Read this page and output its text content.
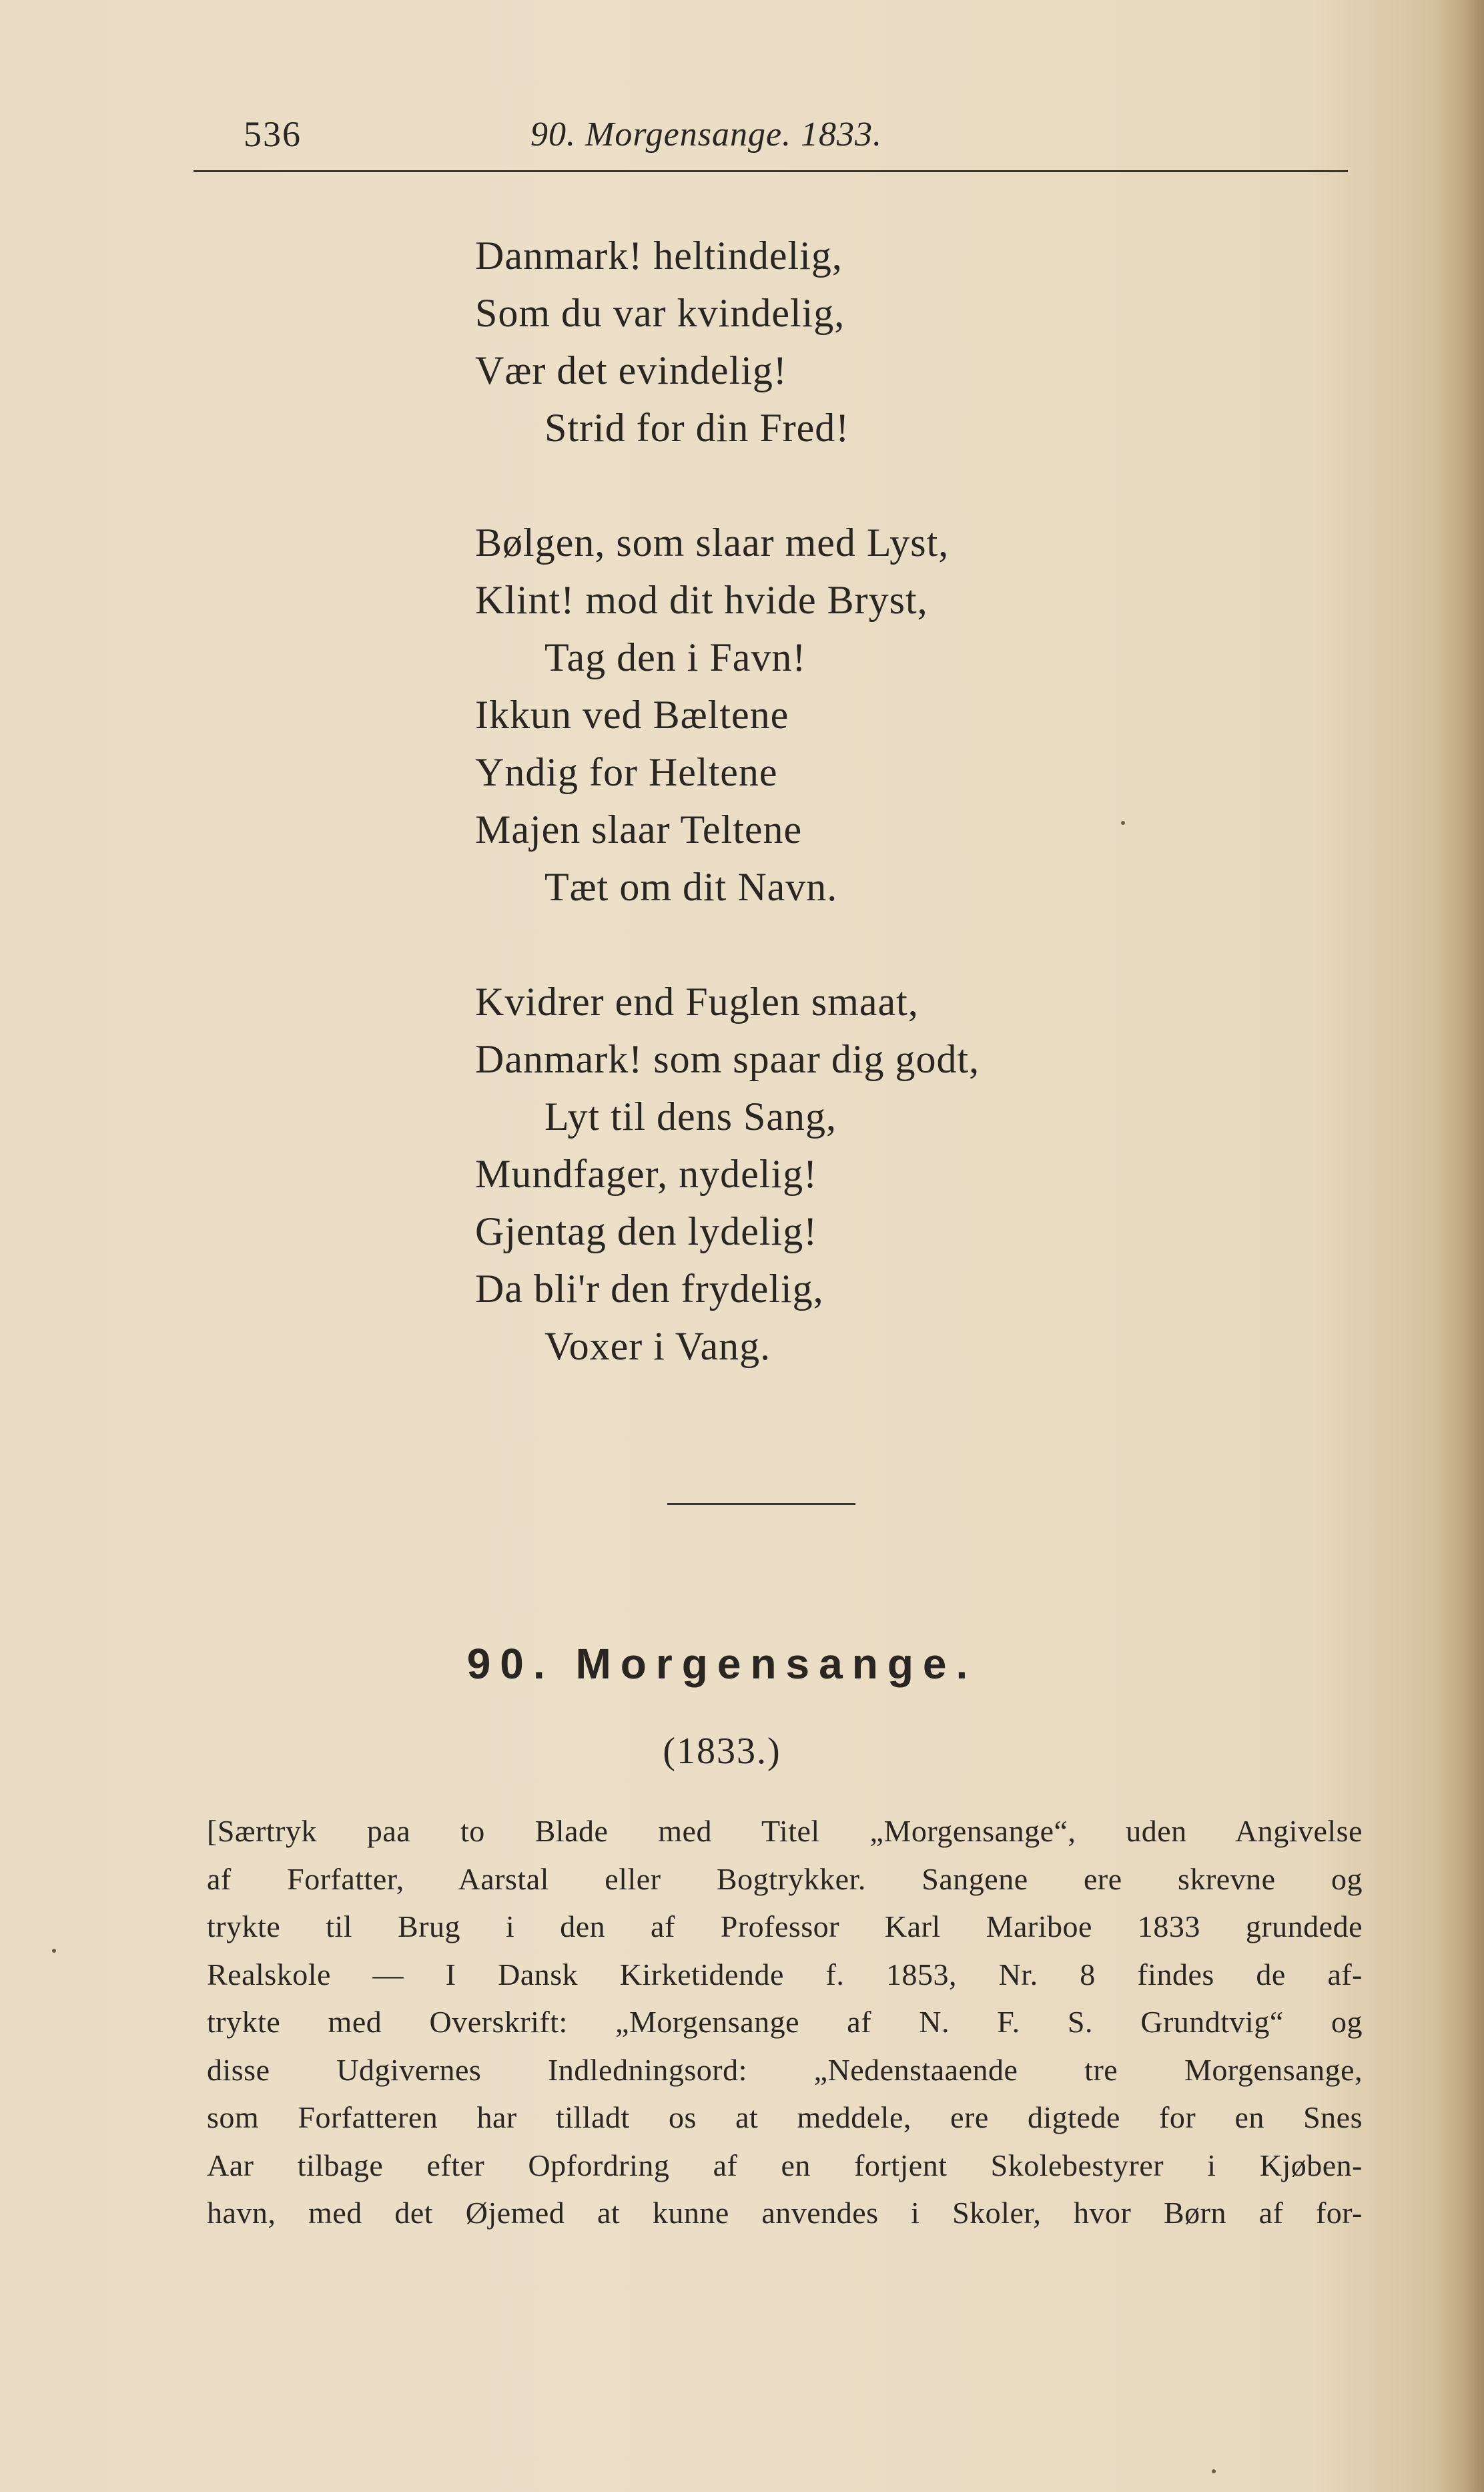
536	90. Morgensange. 1833.
Danmark! heltindelig,
Som du var kvindelig,
Vær det evindelig!
Strid for din Fred!
Bølgen, som slaar med Lyst,
Klint! mod dit hvide Bryst,
Tag den i Favn!
Ikkun ved Bæltene
Yndig for Heltene
Majen slaar Teltene
Tæt om dit Navn.
Kvidrer end Fuglen smaat,
Danmark! som spaar dig godt,
Lyt til dens Sang,
Mundfager, nydelig!
Gjentag den lydelig!
Da bli'r den frydelig,
Voxer i Vang.
90. Morgensange.
(1833.)
[Særtryk paa to Blade med Titel „Morgensange“, uden Angivelse
af Forfatter, Aarstal eller Bogtrykker. Sangene ere skrevne og
trykte til Brug i den af Professor Karl Mariboe 1833 grundede
Realskole — I Dansk Kirketidende f. 1853, Nr. 8 findes de af-
trykte med Overskrift: „Morgensange af N. F. S. Grundtvig“ og
disse Udgivernes Indledningsord: „Nedenstaaende tre Morgensange,
som Forfatteren har tilladt os at meddele, ere digtede for en Snes
Aar tilbage efter Opfordring af en fortjent Skolebestyrer i Kjøben-
havn, med det Øjemed at kunne anvendes i Skoler, hvor Børn af for-
